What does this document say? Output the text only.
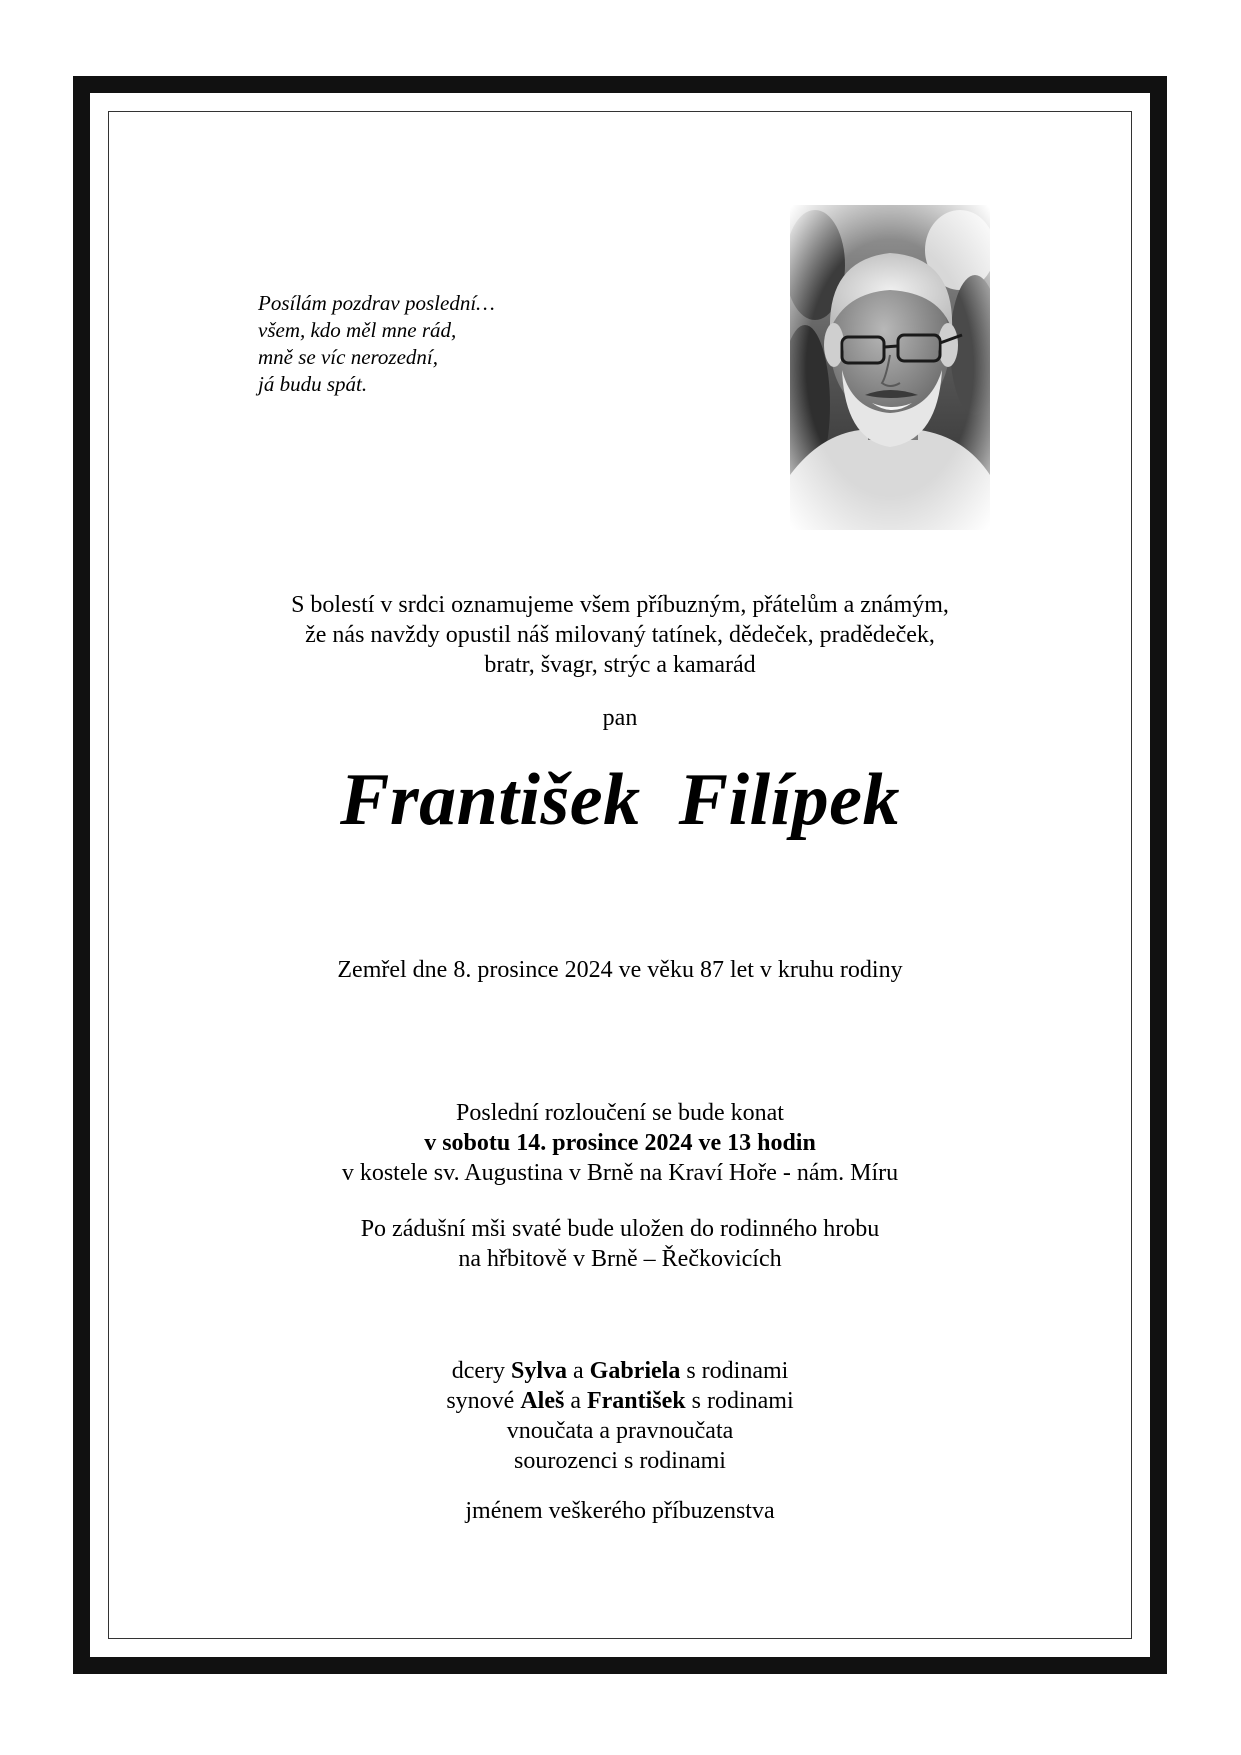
Posílám pozdrav poslední…
všem, kdo měl mne rád,
mně se víc nerozední,
já budu spát.
S bolestí v srdci oznamujeme všem příbuzným, přátelům a známým,
že nás navždy opustil náš milovaný tatínek, dědeček, pradědeček,
bratr, švagr, strýc a kamarád
pan
František Filípek
Zemřel dne 8. prosince 2024 ve věku 87 let v kruhu rodiny
Poslední rozloučení se bude konat
v sobotu 14. prosince 2024 ve 13 hodin
v kostele sv. Augustina v Brně na Kraví Hoře - nám. Míru
Po zádušní mši svaté bude uložen do rodinného hrobu
na hřbitově v Brně – Řečkovicích
dcery Sylva a Gabriela s rodinami
synové Aleš a František s rodinami
vnoučata a pravnoučata
sourozenci s rodinami
jménem veškerého příbuzenstva
